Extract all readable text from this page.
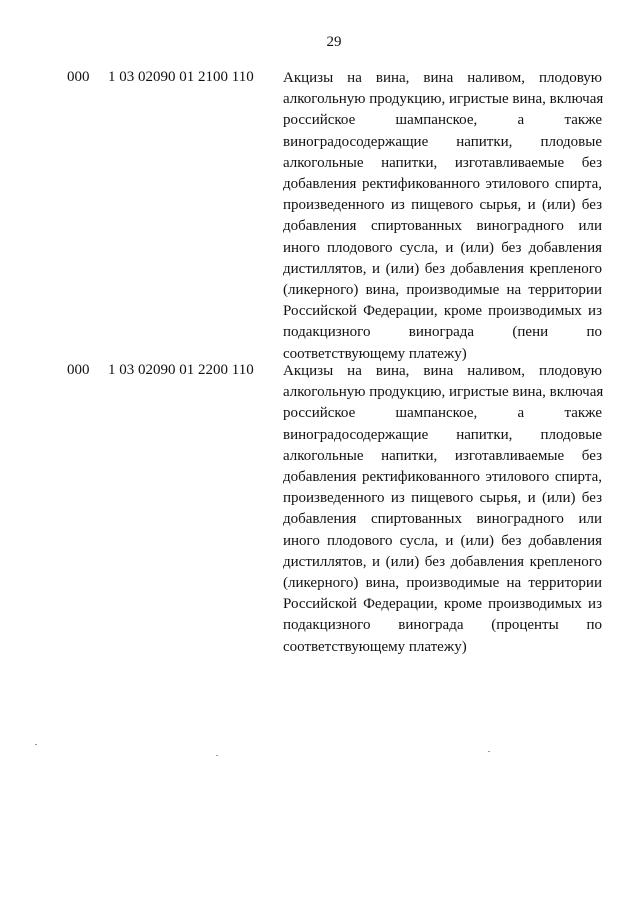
29
000 1 03 02090 01 2100 110 Акцизы на вина, вина наливом, плодовую
алкогольную продукцию, игристые вина, включая
российское шампанское, а также
виноградосодержащие напитки, плодовые
алкогольные напитки, изготавливаемые без
добавления ректификованного этилового спирта,
произведенного из пищевого сырья, и (или) без
добавления спиртованных виноградного или
иного плодового сусла, и (или) без добавления
дистиллятов, и (или) без добавления крепленого
(ликерного) вина, производимые на территории
Российской Федерации, кроме производимых из
подакцизного винограда (пени по
соответствующему платежу)

000 1 03 02090 01 2200 110 Акцизы на вина, вина наливом, плодовую
алкогольную продукцию, игристые вина, включая
российское шампанское, а также
виноградосодержащие напитки, плодовые
алкогольные напитки, изготавливаемые без
добавления ректификованного этилового спирта,
произведенного из пищевого сырья, и (или) без
добавления спиртованных виноградного или
иного плодового сусла, и (или) без добавления
дистиллятов, и (или) без добавления крепленого
(ликерного) вина, производимые на территории
Российской Федерации, кроме производимых из
подакцизного винограда (проценты по
соответствующему платежу)
